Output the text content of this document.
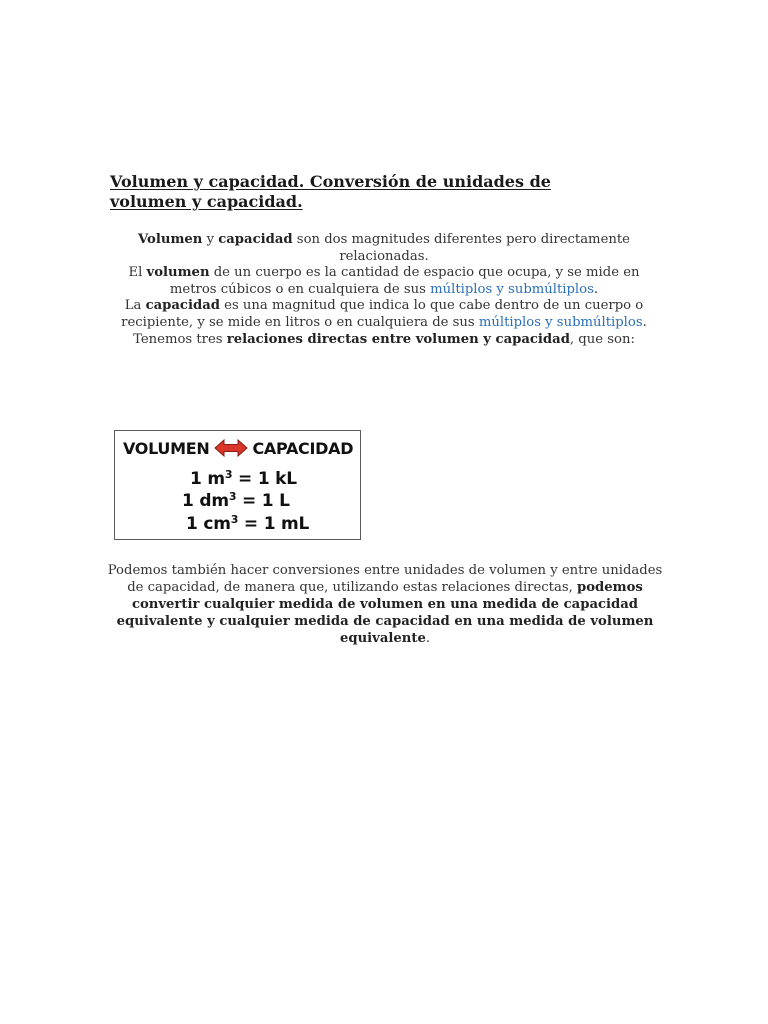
Volumen y capacidad. Conversión de unidades de volumen y capacidad.

Volumen y capacidad son dos magnitudes diferentes pero directamente relacionadas.

El volumen de un cuerpo es la cantidad de espacio que ocupa, y se mide en metros cúbicos o en cualquiera de sus múltiplos y submúltiplos.

La capacidad es una magnitud que indica lo que cabe dentro de un cuerpo o recipiente, y se mide en litros o en cualquiera de sus múltiplos y submúltiplos.

Tenemos tres relaciones directas entre volumen y capacidad, que son:

VOLUMEN	CAPACIDAD
1 $m^3 = 1$ kL
1 $dm^3 = 1$ L
1 $cm^3 = 1$ mL

Podemos también hacer conversiones entre unidades de volumen y entre unidades de capacidad, de manera que, utilizando estas relaciones directas, podemos convertir cualquier medida de volumen en una medida de capacidad equivalente y cualquier medida de capacidad en una medida de volumen equivalente.
